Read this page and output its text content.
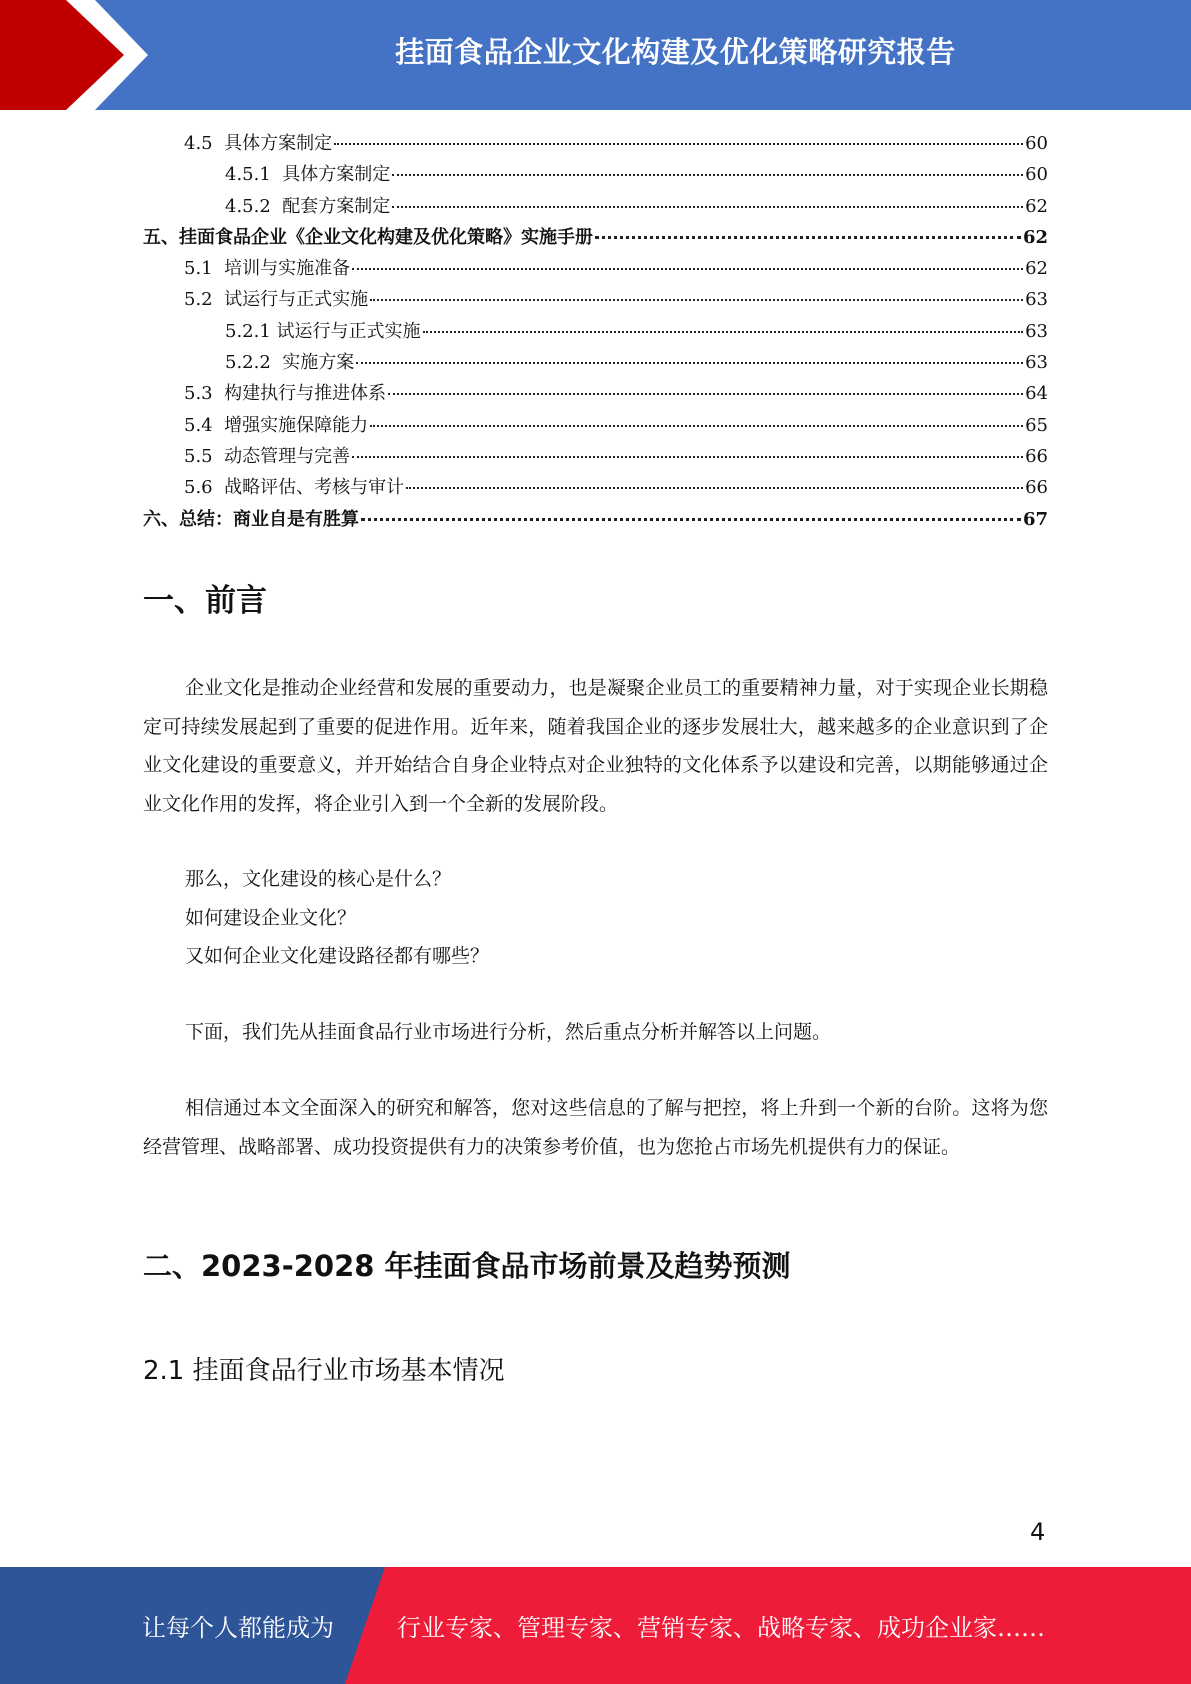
挂面食品企业文化构建及优化策略研究报告
4.5  具体方案制定	60
4.5.1  具体方案制定	60
4.5.2  配套方案制定	62
五、挂面食品企业《企业文化构建及优化策略》实施手册	62
5.1  培训与实施准备	62
5.2  试运行与正式实施	63
5.2.1 试运行与正式实施	63
5.2.2  实施方案	63
5.3  构建执行与推进体系	64
5.4  增强实施保障能力	65
5.5  动态管理与完善	66
5.6  战略评估、考核与审计	66
六、总结：商业自是有胜算	67
一、前言

企业文化是推动企业经营和发展的重要动力，也是凝聚企业员工的重要精神力量，对于实现企业长期稳定可持续发展起到了重要的促进作用。近年来，随着我国企业的逐步发展壮大，越来越多的企业意识到了企业文化建设的重要意义，并开始结合自身企业特点对企业独特的文化体系予以建设和完善，以期能够通过企业文化作用的发挥，将企业引入到一个全新的发展阶段。

那么，文化建设的核心是什么？
如何建设企业文化？
又如何企业文化建设路径都有哪些？

下面，我们先从挂面食品行业市场进行分析，然后重点分析并解答以上问题。

相信通过本文全面深入的研究和解答，您对这些信息的了解与把控，将上升到一个新的台阶。这将为您经营管理、战略部署、成功投资提供有力的决策参考价值，也为您抢占市场先机提供有力的保证。

二、2023-2028 年挂面食品市场前景及趋势预测
2.1 挂面食品行业市场基本情况
4
让每个人都能成为	行业专家、管理专家、营销专家、战略专家、成功企业家……
